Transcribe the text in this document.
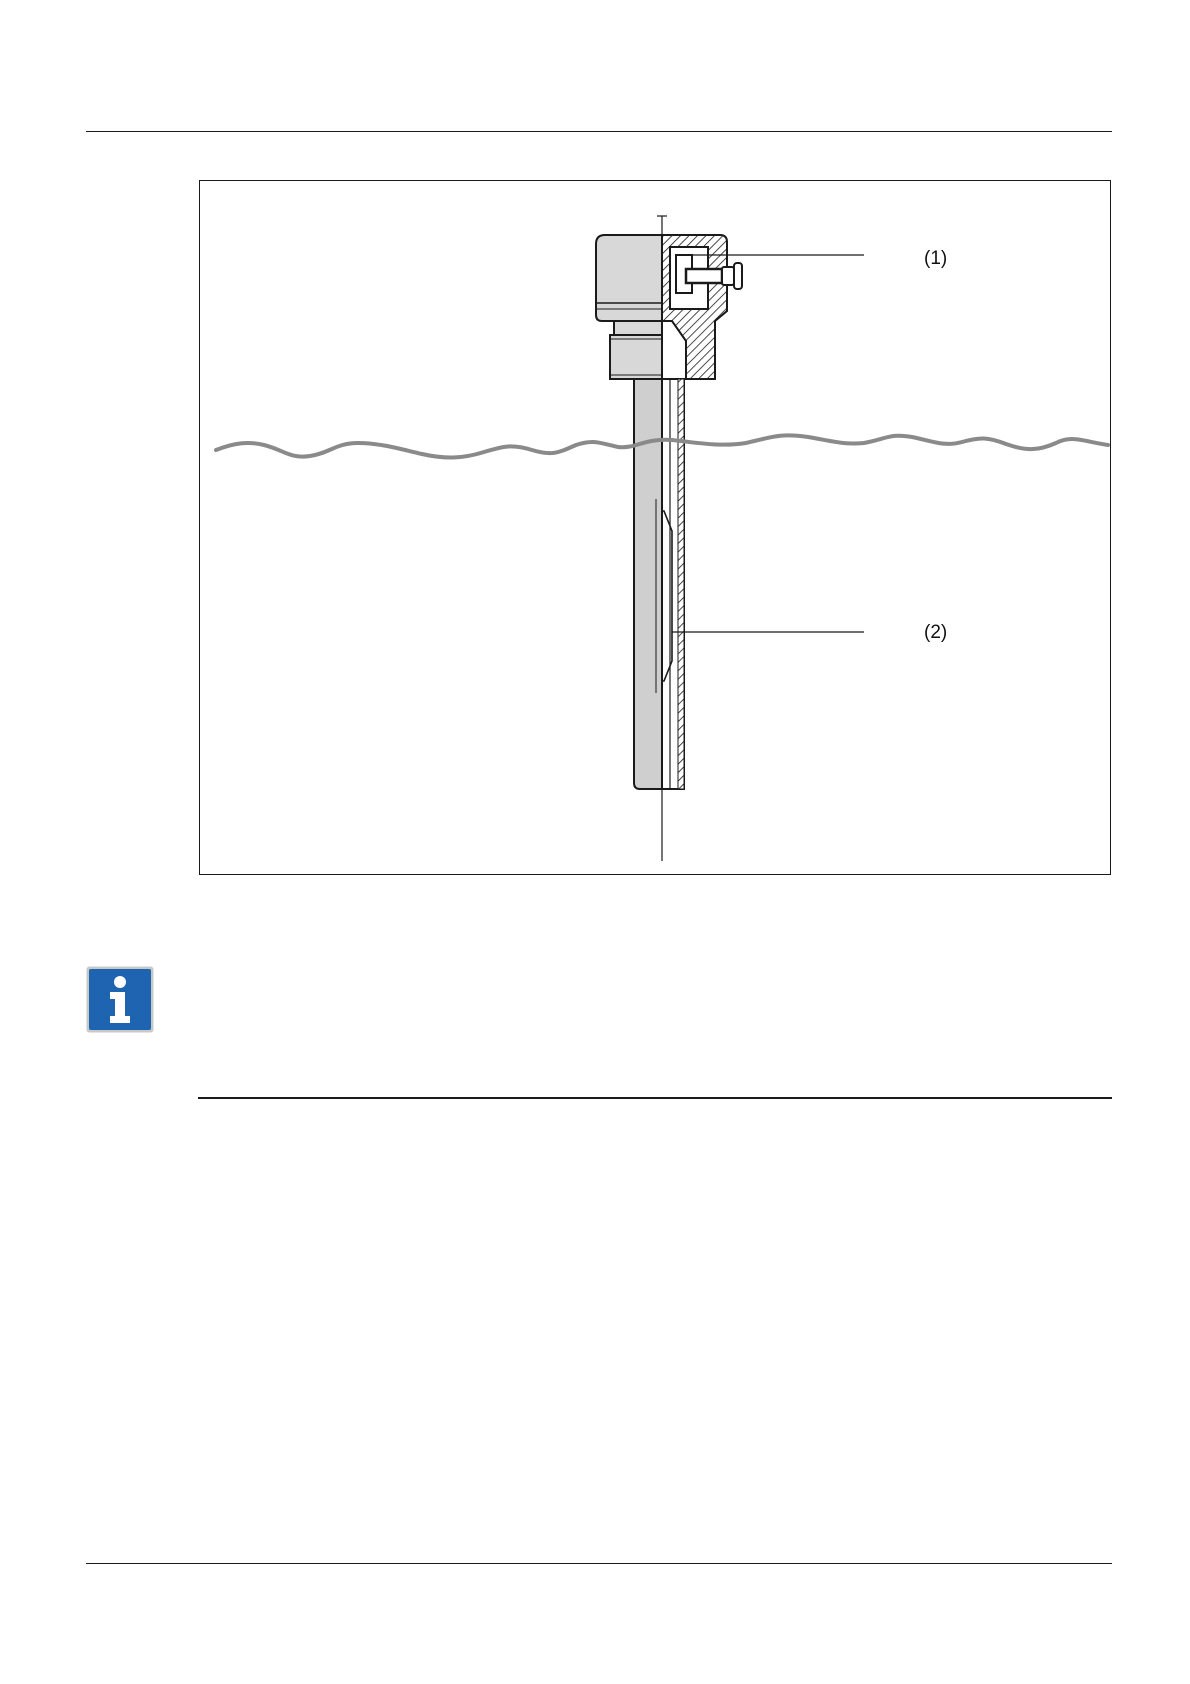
(1)
(2)
